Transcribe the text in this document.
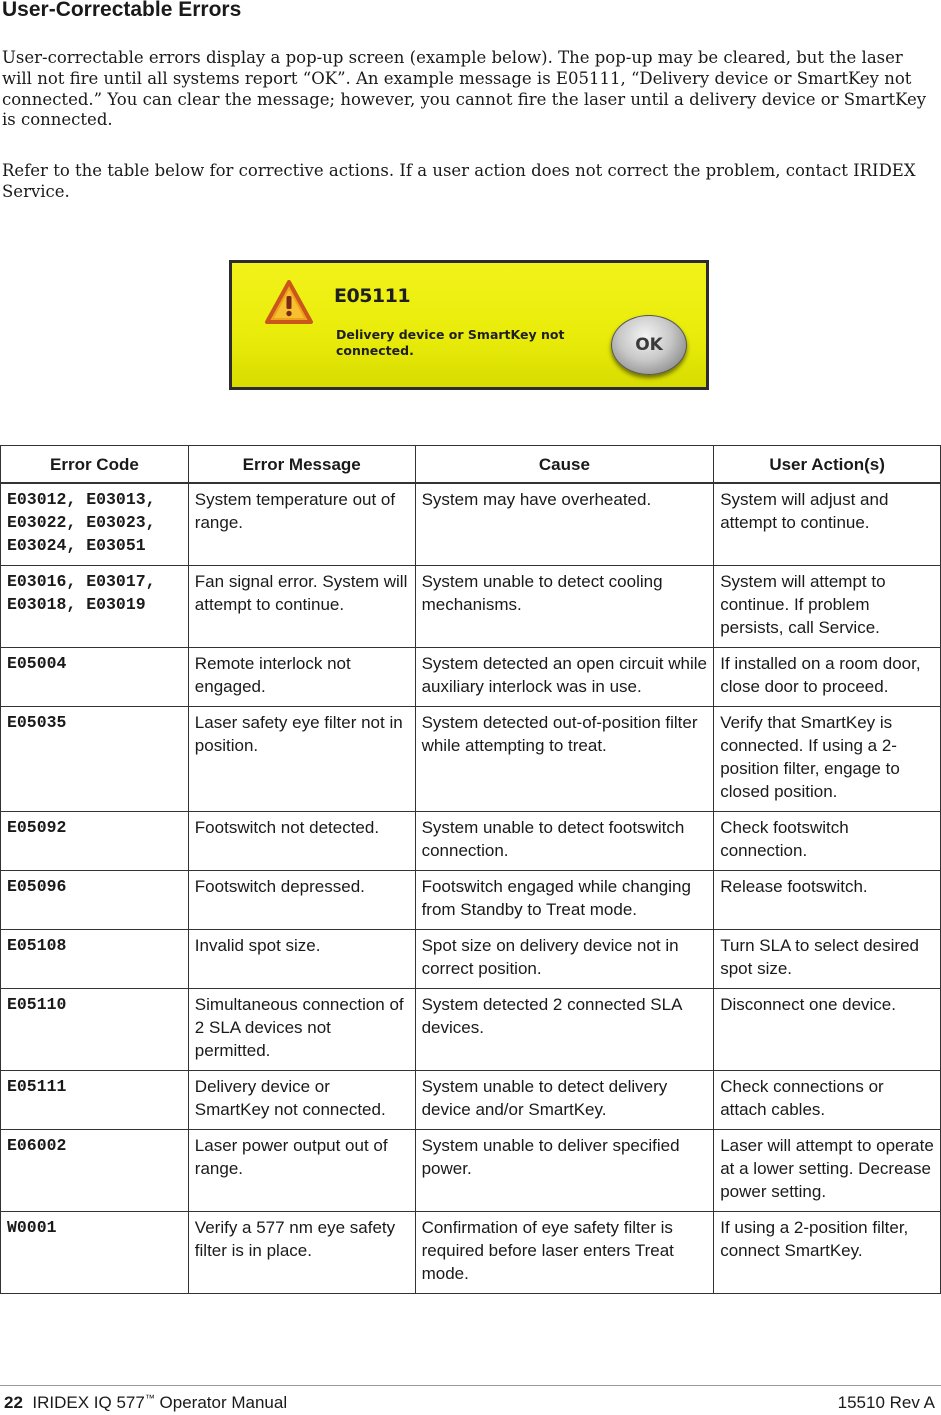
User-Correctable Errors
User-correctable errors display a pop-up screen (example below). The pop-up may be cleared, but the laser will not fire until all systems report “OK”. An example message is E05111, “Delivery device or SmartKey not connected.” You can clear the message; however, you cannot fire the laser until a delivery device or SmartKey is connected.
Refer to the table below for corrective actions. If a user action does not correct the problem, contact IRIDEX Service.
E05111
Delivery device or SmartKey not connected.	OK
Error Code	Error Message	Cause	User Action(s)
E03012, E03013, E03022, E03023, E03024, E03051	System temperature out of range.	System may have overheated.	System will adjust and attempt to continue.
E03016, E03017, E03018, E03019	Fan signal error. System will attempt to continue.	System unable to detect cooling mechanisms.	System will attempt to continue. If problem persists, call Service.
E05004	Remote interlock not engaged.	System detected an open circuit while auxiliary interlock was in use.	If installed on a room door, close door to proceed.
E05035	Laser safety eye filter not in position.	System detected out-of-position filter while attempting to treat.	Verify that SmartKey is connected. If using a 2-position filter, engage to closed position.
E05092	Footswitch not detected.	System unable to detect footswitch connection.	Check footswitch connection.
E05096	Footswitch depressed.	Footswitch engaged while changing from Standby to Treat mode.	Release footswitch.
E05108	Invalid spot size.	Spot size on delivery device not in correct position.	Turn SLA to select desired spot size.
E05110	Simultaneous connection of 2 SLA devices not permitted.	System detected 2 connected SLA devices.	Disconnect one device.
E05111	Delivery device or SmartKey not connected.	System unable to detect delivery device and/or SmartKey.	Check connections or attach cables.
E06002	Laser power output out of range.	System unable to deliver specified power.	Laser will attempt to operate at a lower setting. Decrease power setting.
W0001	Verify a 577 nm eye safety filter is in place.	Confirmation of eye safety filter is required before laser enters Treat mode.	If using a 2-position filter, connect SmartKey.
22 IRIDEX IQ 577™ Operator Manual	15510 Rev A
